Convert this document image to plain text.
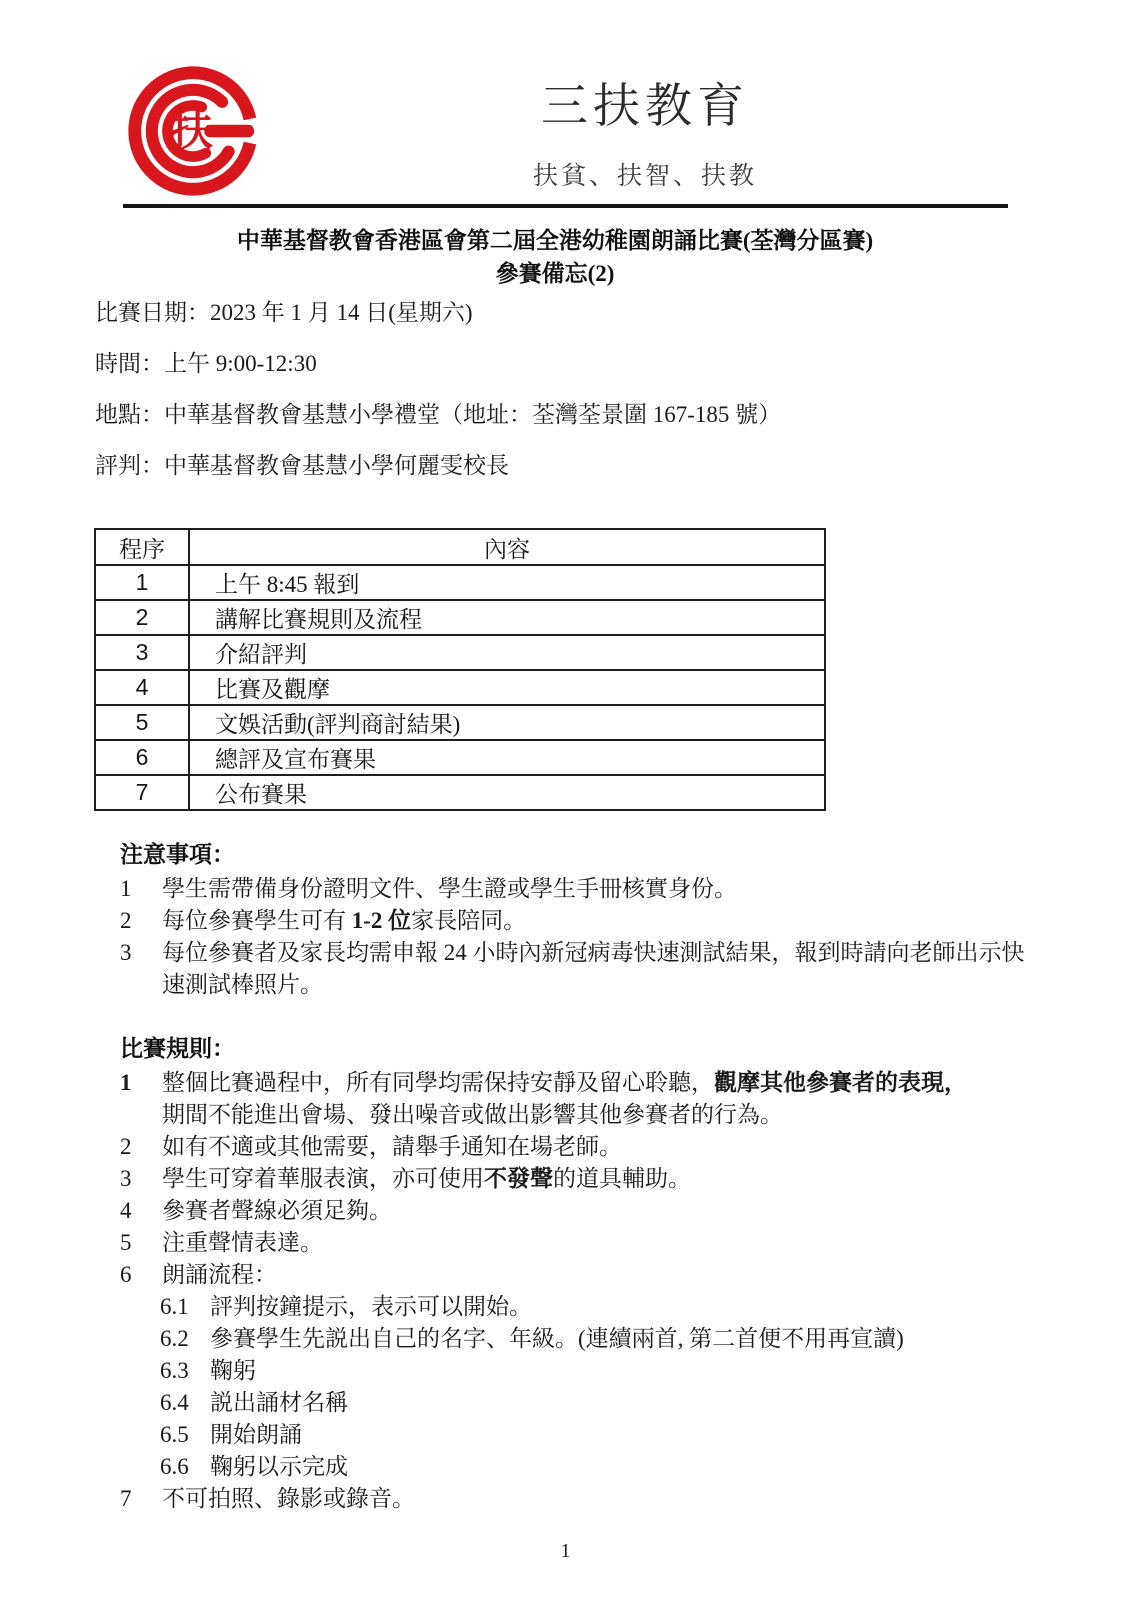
扶	三扶教育
扶貧、扶智、扶教
中華基督教會香港區會第二屆全港幼稚園朗誦比賽(荃灣分區賽)
參賽備忘(2)

比賽日期：2023 年 1 月 14 日(星期六)

時間：上午 9:00-12:30

地點：中華基督教會基慧小學禮堂（地址：荃灣荃景圍 167-185 號）

評判：中華基督教會基慧小學何麗雯校長

程序	內容
1	上午 8:45 報到
2	講解比賽規則及流程
3	介紹評判
4	比賽及觀摩
5	文娛活動(評判商討結果)
6	總評及宣布賽果
7	公布賽果
注意事項：
1	學生需帶備身份證明文件、學生證或學生手冊核實身份。
2	每位參賽學生可有 1-2 位家長陪同。
3	每位參賽者及家長均需申報 24 小時內新冠病毒快速測試結果，報到時請向老師出示快速測試棒照片。
比賽規則：
1	整個比賽過程中，所有同學均需保持安靜及留心聆聽，觀摩其他參賽者的表現，
期間不能進出會場、發出噪音或做出影響其他參賽者的行為。
2	如有不適或其他需要，請舉手通知在場老師。
3	學生可穿着華服表演，亦可使用不發聲的道具輔助。
4	參賽者聲線必須足夠。
5	注重聲情表達。
6	朗誦流程：
6.1 評判按鐘提示，表示可以開始。
6.2 參賽學生先説出自己的名字、年級。(連續兩首, 第二首便不用再宣讀)
6.3 鞠躬
6.4 説出誦材名稱
6.5 開始朗誦
6.6 鞠躬以示完成
7	不可拍照、錄影或錄音。
1
